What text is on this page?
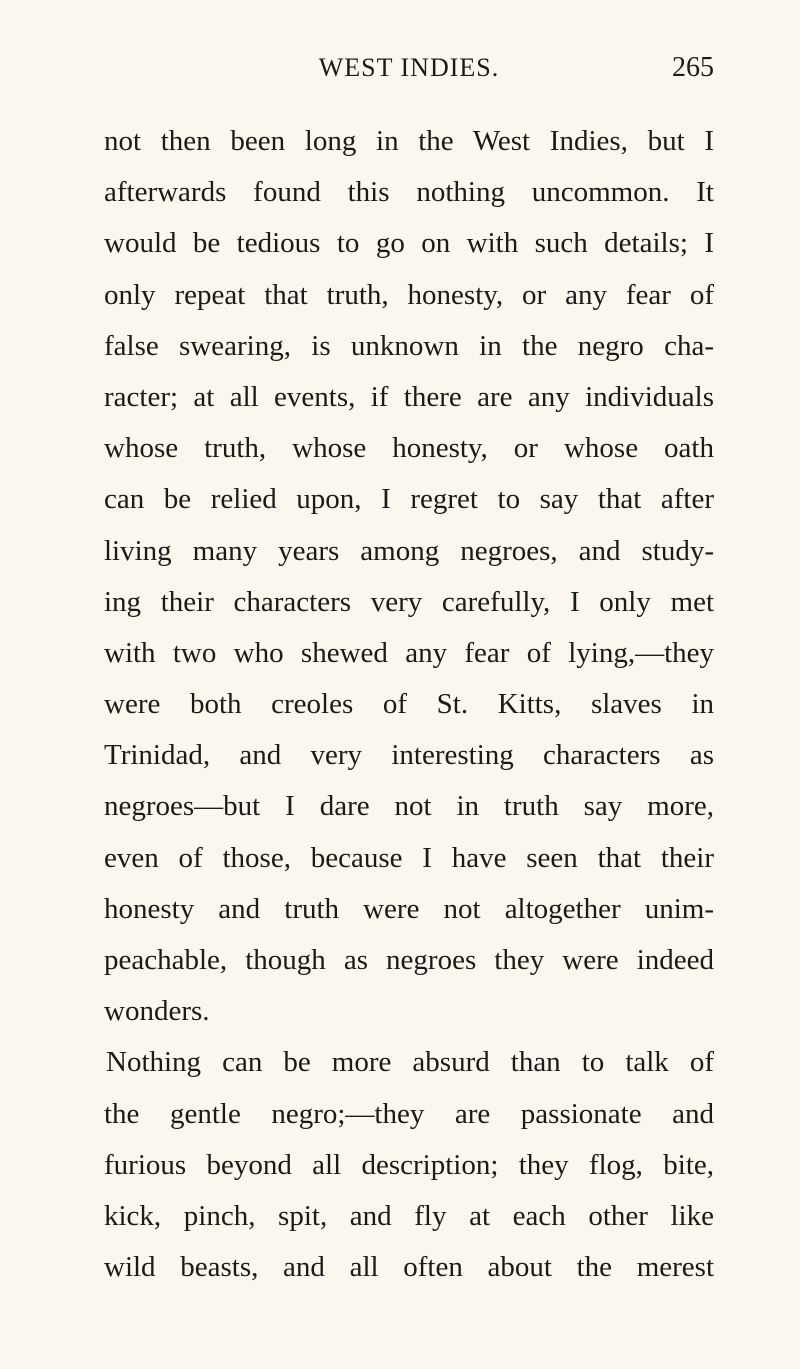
WEST INDIES.	265
not then been long in the West Indies, but I
afterwards found this nothing uncommon. It
would be tedious to go on with such details; I
only repeat that truth, honesty, or any fear of
false swearing, is unknown in the negro cha-
racter; at all events, if there are any individuals
whose truth, whose honesty, or whose oath
can be relied upon, I regret to say that after
living many years among negroes, and study-
ing their characters very carefully, I only met
with two who shewed any fear of lying,—they
were both creoles of St. Kitts, slaves in
Trinidad, and very interesting characters as
negroes—but I dare not in truth say more,
even of those, because I have seen that their
honesty and truth were not altogether unim-
peachable, though as negroes they were indeed
wonders.
Nothing can be more absurd than to talk of
the gentle negro;—they are passionate and
furious beyond all description; they flog, bite,
kick, pinch, spit, and fly at each other like
wild beasts, and all often about the merest
